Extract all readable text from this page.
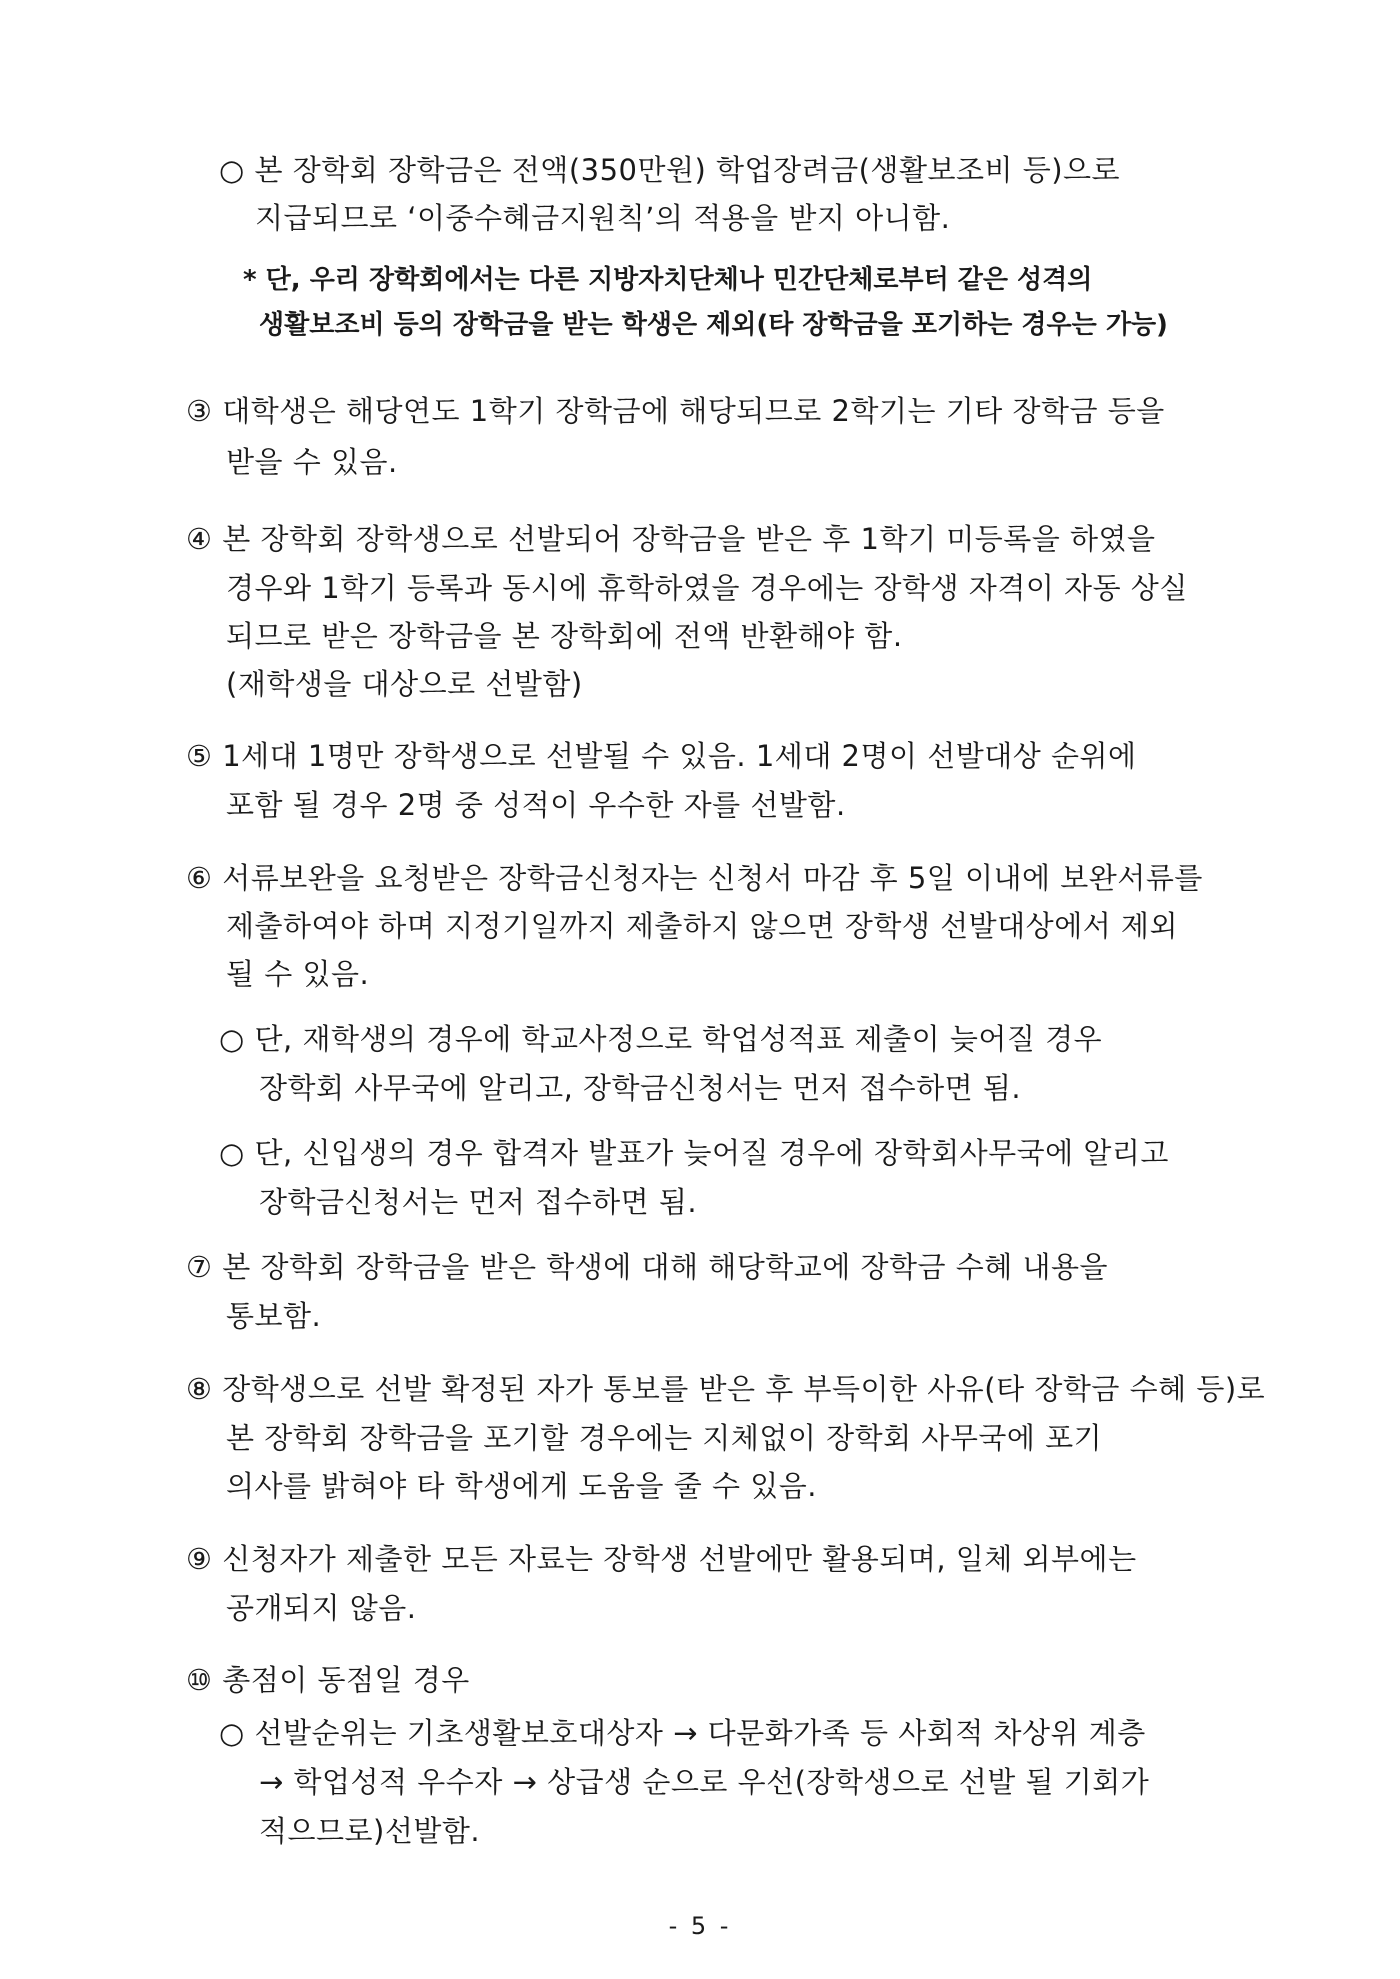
○ 본 장학회 장학금은 전액(350만원) 학업장려금(생활보조비 등)으로

지급되므로 ‘이중수혜금지원칙’의 적용을 받지 아니함.

* 단, 우리 장학회에서는 다른 지방자치단체나 민간단체로부터 같은 성격의

생활보조비 등의 장학금을 받는 학생은 제외(타 장학금을 포기하는 경우는 가능)

③ 대학생은 해당연도 1학기 장학금에 해당되므로 2학기는 기타 장학금 등을

받을 수 있음.

④ 본 장학회 장학생으로 선발되어 장학금을 받은 후 1학기 미등록을 하였을

경우와 1학기 등록과 동시에 휴학하였을 경우에는 장학생 자격이 자동 상실

되므로 받은 장학금을 본 장학회에 전액 반환해야 함.

(재학생을 대상으로 선발함)

⑤ 1세대 1명만 장학생으로 선발될 수 있음. 1세대 2명이 선발대상 순위에

포함 될 경우 2명 중 성적이 우수한 자를 선발함.

⑥ 서류보완을 요청받은 장학금신청자는 신청서 마감 후 5일 이내에 보완서류를

제출하여야 하며 지정기일까지 제출하지 않으면 장학생 선발대상에서 제외

될 수 있음.

○ 단, 재학생의 경우에 학교사정으로 학업성적표 제출이 늦어질 경우

장학회 사무국에 알리고, 장학금신청서는 먼저 접수하면 됨.

○ 단, 신입생의 경우 합격자 발표가 늦어질 경우에 장학회사무국에 알리고

장학금신청서는 먼저 접수하면 됨.

⑦ 본 장학회 장학금을 받은 학생에 대해 해당학교에 장학금 수혜 내용을

통보함.

⑧ 장학생으로 선발 확정된 자가 통보를 받은 후 부득이한 사유(타 장학금 수혜 등)로

본 장학회 장학금을 포기할 경우에는 지체없이 장학회 사무국에 포기

의사를 밝혀야 타 학생에게 도움을 줄 수 있음.

⑨ 신청자가 제출한 모든 자료는 장학생 선발에만 활용되며, 일체 외부에는

공개되지 않음.

⑩ 총점이 동점일 경우

○ 선발순위는 기초생활보호대상자 → 다문화가족 등 사회적 차상위 계층

→ 학업성적 우수자 → 상급생 순으로 우선(장학생으로 선발 될 기회가

적으므로)선발함.

- 5 -
